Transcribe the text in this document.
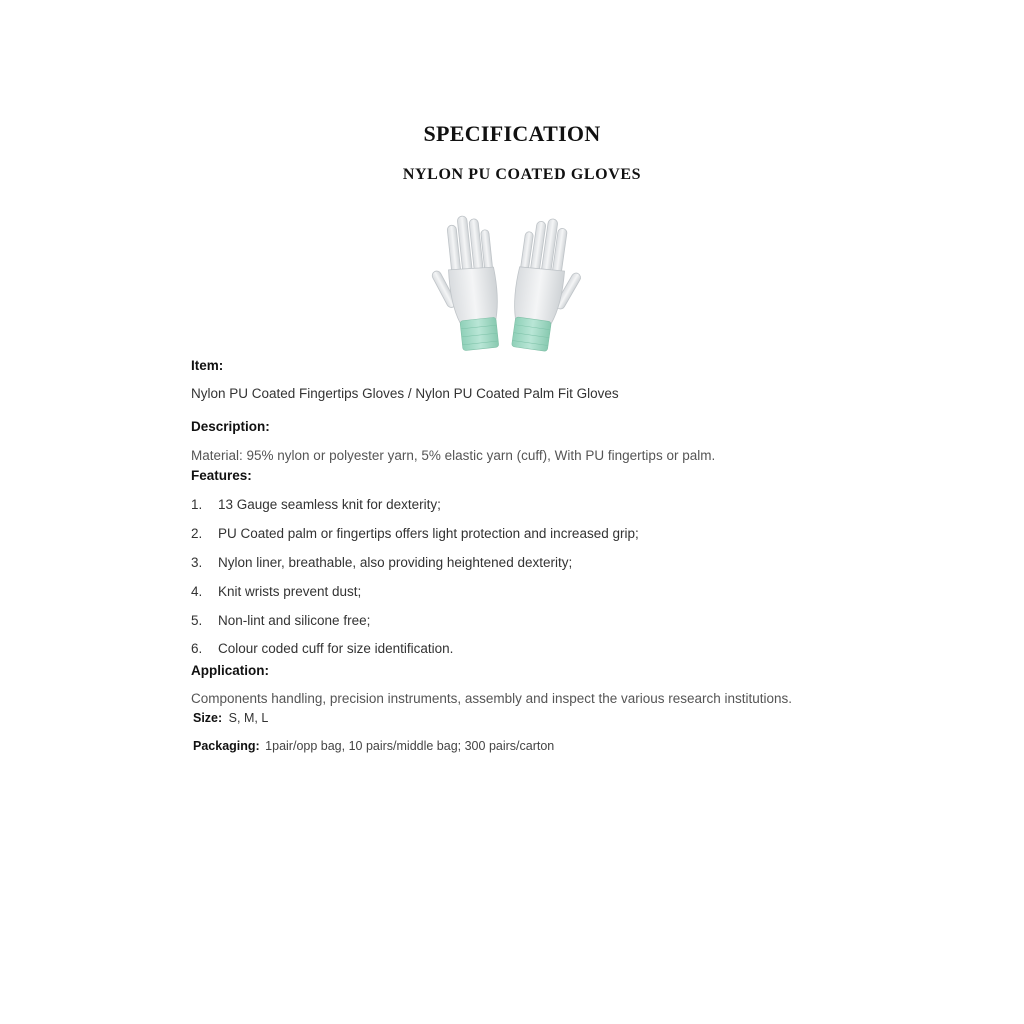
SPECIFICATION
NYLON PU COATED GLOVES
Item:
Nylon PU Coated Fingertips Gloves / Nylon PU Coated Palm Fit Gloves
Description:
Material: 95% nylon or polyester yarn, 5% elastic yarn (cuff), With PU fingertips or palm.
Features:
1. 13 Gauge seamless knit for dexterity;
2. PU Coated palm or fingertips offers light protection and increased grip;
3. Nylon liner, breathable, also providing heightened dexterity;
4. Knit wrists prevent dust;
5. Non-lint and silicone free;
6. Colour coded cuff for size identification.
Application:
Components handling, precision instruments, assembly and inspect the various research institutions.
Size: S, M, L
Packaging: 1pair/opp bag, 10 pairs/middle bag; 300 pairs/carton
